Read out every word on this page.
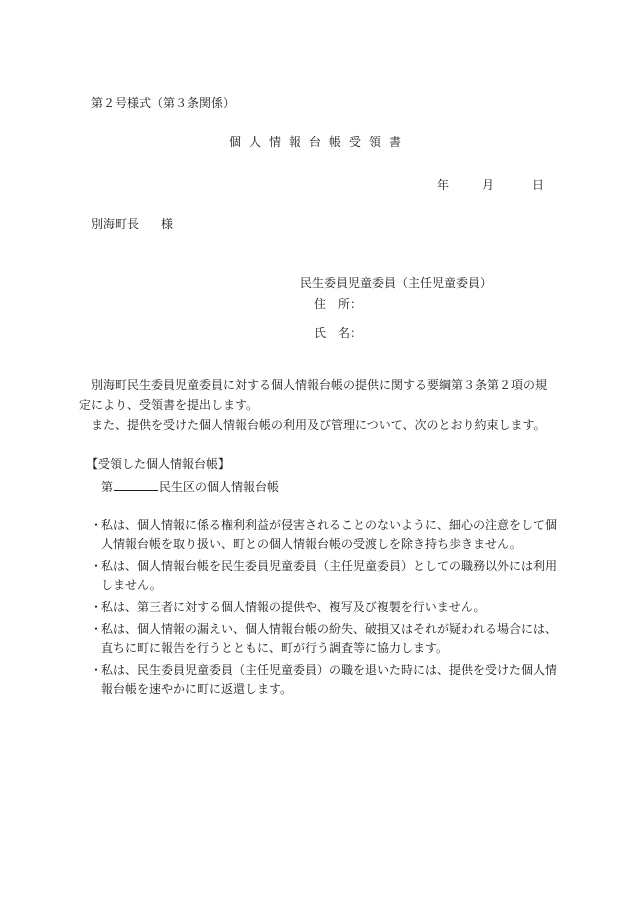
第２号様式（第３条関係）
個人情報台帳受領書
年	月	日
別海町長 様
民生委員児童委員（主任児童委員）
住　所：
氏　名：

別海町民生委員児童委員に対する個人情報台帳の提供に関する要綱第３条第２項の規定により、受領書を提出します。

また、提供を受けた個人情報台帳の利用及び管理について、次のとおり約束します。

【受領した個人情報台帳】
第	民生区の個人情報台帳
・
私は、個人情報に係る権利利益が侵害されることのないように、細心の注意をして個人情報台帳を取り扱い、町との個人情報台帳の受渡しを除き持ち歩きません。
・
私は、個人情報台帳を民生委員児童委員（主任児童委員）としての職務以外には利用しません。
・
私は、第三者に対する個人情報の提供や、複写及び複製を行いません。
・
私は、個人情報の漏えい、個人情報台帳の紛失、破損又はそれが疑われる場合には、直ちに町に報告を行うとともに、町が行う調査等に協力します。
・
私は、民生委員児童委員（主任児童委員）の職を退いた時には、提供を受けた個人情報台帳を速やかに町に返還します。
